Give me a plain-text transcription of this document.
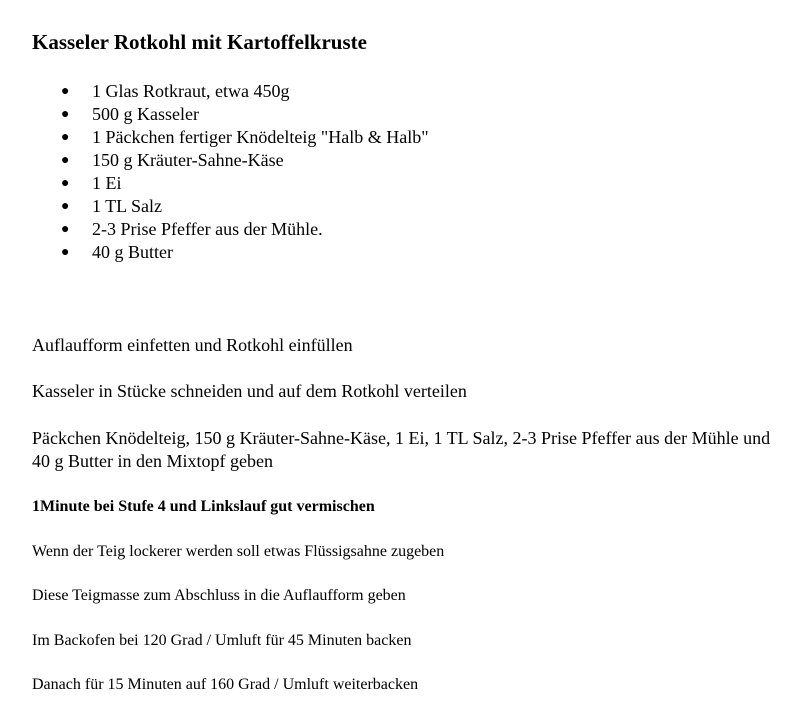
Kasseler Rotkohl mit Kartoffelkruste
● 1 Glas Rotkraut, etwa 450g
● 500 g Kasseler
● 1 Päckchen fertiger Knödelteig "Halb & Halb"
● 150 g Kräuter-Sahne-Käse
● 1 Ei
● 1 TL Salz
● 2-3 Prise Pfeffer aus der Mühle.
● 40 g Butter
Auflaufform einfetten und Rotkohl einfüllen
Kasseler in Stücke schneiden und auf dem Rotkohl verteilen
Päckchen Knödelteig, 150 g Kräuter-Sahne-Käse, 1 Ei, 1 TL Salz, 2-3 Prise Pfeffer aus der Mühle und 40 g Butter in den Mixtopf geben
1Minute bei Stufe 4 und Linkslauf gut vermischen
Wenn der Teig lockerer werden soll etwas Flüssigsahne zugeben
Diese Teigmasse zum Abschluss in die Auflaufform geben
Im Backofen bei 120 Grad / Umluft für 45 Minuten backen
Danach für 15 Minuten auf 160 Grad / Umluft weiterbacken
